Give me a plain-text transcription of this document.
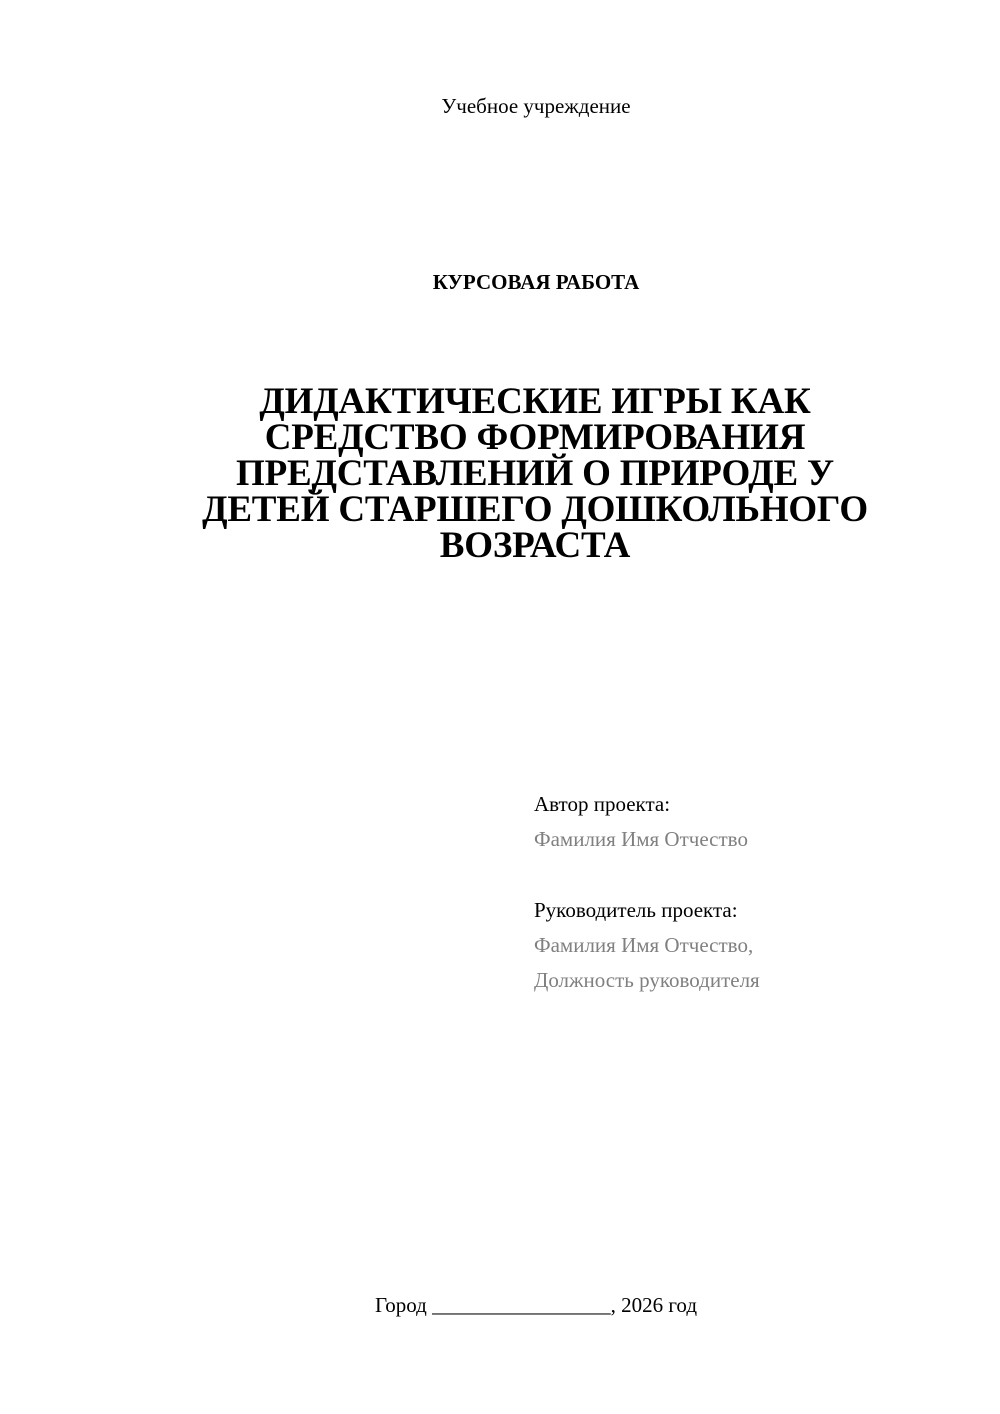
Учебное учреждение
КУРСОВАЯ РАБОТА
ДИДАКТИЧЕСКИЕ ИГРЫ КАК
СРЕДСТВО ФОРМИРОВАНИЯ
ПРЕДСТАВЛЕНИЙ О ПРИРОДЕ У
ДЕТЕЙ СТАРШЕГО ДОШКОЛЬНОГО
ВОЗРАСТА
Автор проекта:
Фамилия Имя Отчество
Руководитель проекта:
Фамилия Имя Отчество,
Должность руководителя
Город _________________, 2026 год
